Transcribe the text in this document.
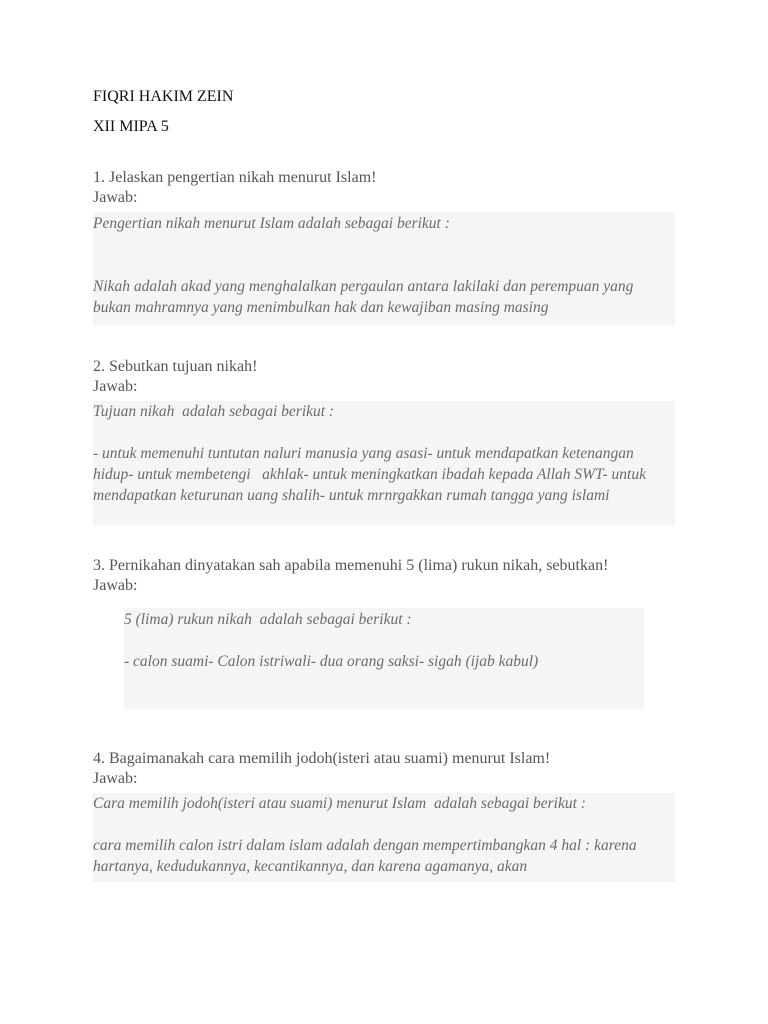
FIQRI HAKIM ZEIN

XII MIPA 5

1. Jelaskan pengertian nikah menurut Islam!

Jawab:

Pengertian nikah menurut Islam adalah sebagai berikut :

Nikah adalah akad yang menghalalkan pergaulan antara lakilaki dan perempuan yang bukan mahramnya yang menimbulkan hak dan kewajiban masing masing

2. Sebutkan tujuan nikah!

Jawab:

Tujuan nikah  adalah sebagai berikut :

- untuk memenuhi tuntutan naluri manusia yang asasi- untuk mendapatkan ketenangan hidup- untuk membetengi   akhlak- untuk meningkatkan ibadah kepada Allah SWT- untuk mendapatkan keturunan uang shalih- untuk mrnrgakkan rumah tangga yang islami

3. Pernikahan dinyatakan sah apabila memenuhi 5 (lima) rukun nikah, sebutkan!

Jawab:

5 (lima) rukun nikah  adalah sebagai berikut :

- calon suami- Calon istriwali- dua orang saksi- sigah (ijab kabul)

4. Bagaimanakah cara memilih jodoh(isteri atau suami) menurut Islam!

Jawab:

Cara memilih jodoh(isteri atau suami) menurut Islam  adalah sebagai berikut :

cara memilih calon istri dalam islam adalah dengan mempertimbangkan 4 hal : karena hartanya, kedudukannya, kecantikannya, dan karena agamanya, akan
